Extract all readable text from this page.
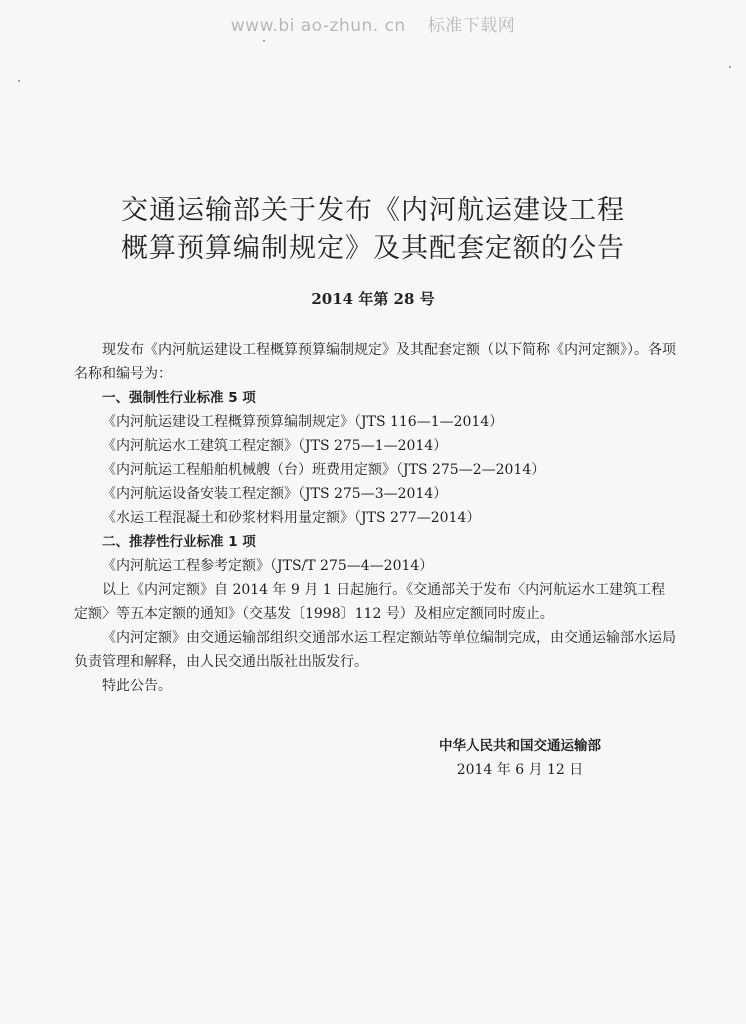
www.bi ao-zhun. cn 标准下载网
交通运输部关于发布《内河航运建设工程
概算预算编制规定》及其配套定额的公告
2014 年第 28 号

现发布《内河航运建设工程概算预算编制规定》及其配套定额（以下简称《内河定额》）。各项名称和编号为：

一、强制性行业标准 5 项
《内河航运建设工程概算预算编制规定》（JTS 116—1—2014）
《内河航运水工建筑工程定额》（JTS 275—1—2014）
《内河航运工程船舶机械艘（台）班费用定额》（JTS 275—2—2014）
《内河航运设备安装工程定额》（JTS 275—3—2014）
《水运工程混凝土和砂浆材料用量定额》（JTS 277—2014）
二、推荐性行业标准 1 项
《内河航运工程参考定额》（JTS/T 275—4—2014）

以上《内河定额》自 2014 年 9 月 1 日起施行。《交通部关于发布〈内河航运水工建筑工程定额〉等五本定额的通知》（交基发〔1998〕112 号）及相应定额同时废止。

《内河定额》由交通运输部组织交通部水运工程定额站等单位编制完成，由交通运输部水运局负责管理和解释，由人民交通出版社出版发行。

特此公告。

中华人民共和国交通运输部
2014 年 6 月 12 日
